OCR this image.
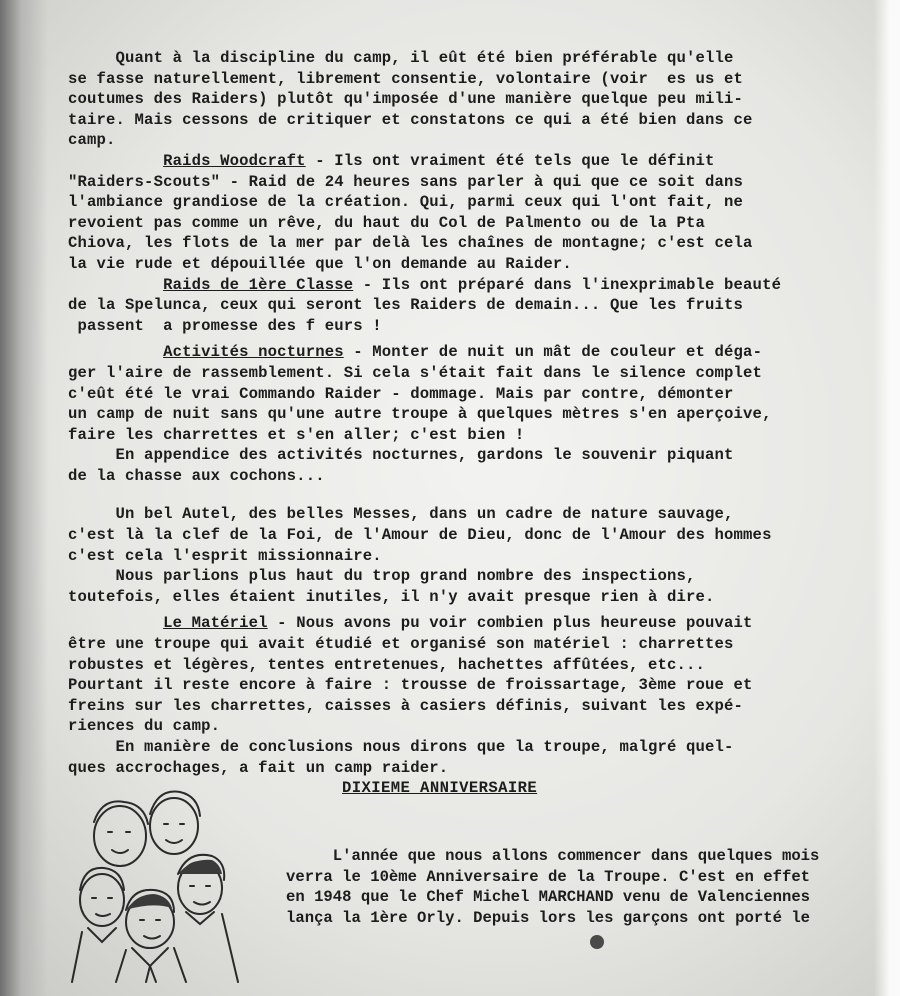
Quant à la discipline du camp, il eût été bien préférable qu'elle

se fasse naturellement, librement consentie, volontaire (voir  es us et

coutumes des Raiders) plutôt qu'imposée d'une manière quelque peu mili-

taire. Mais cessons de critiquer et constatons ce qui a été bien dans ce

camp.

Raids Woodcraft - Ils ont vraiment été tels que le définit

"Raiders-Scouts" - Raid de 24 heures sans parler à qui que ce soit dans

l'ambiance grandiose de la création. Qui, parmi ceux qui l'ont fait, ne

revoient pas comme un rêve, du haut du Col de Palmento ou de la Pta

Chiova, les flots de la mer par delà les chaînes de montagne; c'est cela

la vie rude et dépouillée que l'on demande au Raider.

Raids de 1ère Classe - Ils ont préparé dans l'inexprimable beauté

de la Spelunca, ceux qui seront les Raiders de demain... Que les fruits

passent  a promesse des f eurs !

Activités nocturnes - Monter de nuit un mât de couleur et déga-

ger l'aire de rassemblement. Si cela s'était fait dans le silence complet

c'eût été le vrai Commando Raider - dommage. Mais par contre, démonter

un camp de nuit sans qu'une autre troupe à quelques mètres s'en aperçoive,

faire les charrettes et s'en aller; c'est bien !

En appendice des activités nocturnes, gardons le souvenir piquant

de la chasse aux cochons...

Un bel Autel, des belles Messes, dans un cadre de nature sauvage,

c'est là la clef de la Foi, de l'Amour de Dieu, donc de l'Amour des hommes

c'est cela l'esprit missionnaire.

Nous parlions plus haut du trop grand nombre des inspections,

toutefois, elles étaient inutiles, il n'y avait presque rien à dire.

Le Matériel - Nous avons pu voir combien plus heureuse pouvait

être une troupe qui avait étudié et organisé son matériel : charrettes

robustes et légères, tentes entretenues, hachettes affûtées, etc...

Pourtant il reste encore à faire : trousse de froissartage, 3ème roue et

freins sur les charrettes, caisses à casiers définis, suivant les expé-

riences du camp.

En manière de conclusions nous dirons que la troupe, malgré quel-

ques accrochages, a fait un camp raider.

DIXIEME ANNIVERSAIRE

L'année que nous allons commencer dans quelques mois

verra le 10ème Anniversaire de la Troupe. C'est en effet

en 1948 que le Chef Michel MARCHAND venu de Valenciennes

lança la 1ère Orly. Depuis lors les garçons ont porté le
